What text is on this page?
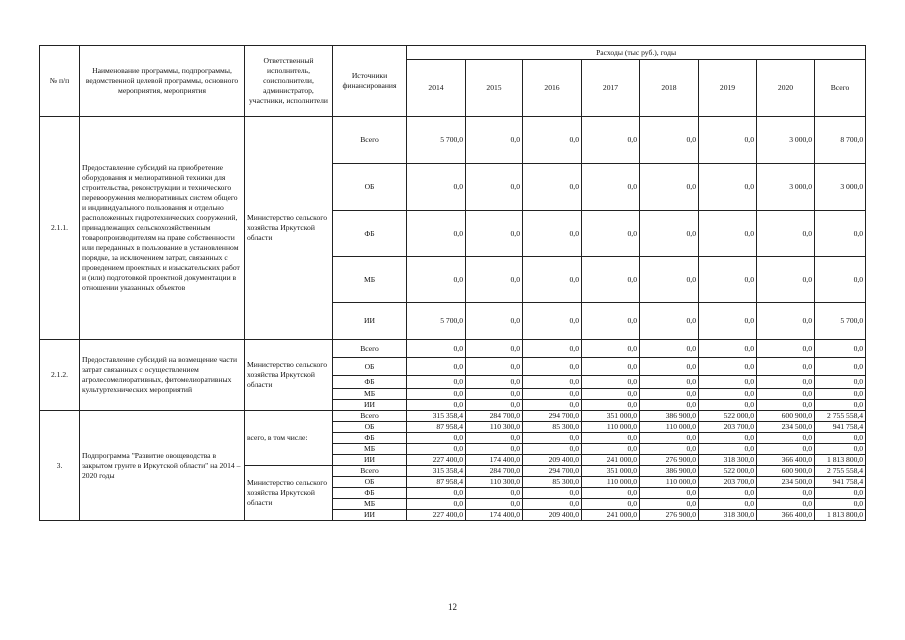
№ п/п	Наименование программы, подпрограммы, ведомственной целевой программы, основного мероприятия, мероприятия	Ответственный исполнитель, соисполнители, администратор, участники, исполнители	Источники финансирования	Расходы (тыс руб.), годы							
				2014	2015	2016	2017	2018	2019	2020	Всего
2.1.1.	Предоставление субсидий на приобретение оборудования и мелиоративной техники для строительства, реконструкции и технического перевооружения мелиоративных систем общего и индивидуального пользования и отдельно расположенных гидротехнических сооружений, принадлежащих сельскохозяйственным товаропроизводителям на праве собственности или переданных в пользование в установленном порядке, за исключением затрат, связанных с проведением проектных и изыскательских работ и (или) подготовкой проектной документации в отношении указанных объектов	Министерство сельского хозяйства Иркутской области	Всего	5 700,0	0,0	0,0	0,0	0,0	0,0	3 000,0	8 700,0
			ОБ	0,0	0,0	0,0	0,0	0,0	0,0	3 000,0	3 000,0
			ФБ	0,0	0,0	0,0	0,0	0,0	0,0	0,0	0,0
			МБ	0,0	0,0	0,0	0,0	0,0	0,0	0,0	0,0
			ИИ	5 700,0	0,0	0,0	0,0	0,0	0,0	0,0	5 700,0
2.1.2.	Предоставление субсидий на возмещение части затрат связанных с осуществлением агролесомелиоративных, фитомелиоративных культуртехнических мероприятий	Министерство сельского хозяйства Иркутской области	Всего	0,0	0,0	0,0	0,0	0,0	0,0	0,0	0,0
			ОБ	0,0	0,0	0,0	0,0	0,0	0,0	0,0	0,0
			ФБ	0,0	0,0	0,0	0,0	0,0	0,0	0,0	0,0
			МБ	0,0	0,0	0,0	0,0	0,0	0,0	0,0	0,0
			ИИ	0,0	0,0	0,0	0,0	0,0	0,0	0,0	0,0
3.	Подпрограмма "Развитие овощеводства в закрытом грунте в Иркутской области" на 2014 – 2020 годы	всего, в том числе:	Всего	315 358,4	284 700,0	294 700,0	351 000,0	386 900,0	522 000,0	600 900,0	2 755 558,4
			ОБ	87 958,4	110 300,0	85 300,0	110 000,0	110 000,0	203 700,0	234 500,0	941 758,4
			ФБ	0,0	0,0	0,0	0,0	0,0	0,0	0,0	0,0
			МБ	0,0	0,0	0,0	0,0	0,0	0,0	0,0	0,0
			ИИ	227 400,0	174 400,0	209 400,0	241 000,0	276 900,0	318 300,0	366 400,0	1 813 800,0
		Министерство сельского хозяйства Иркутской области	Всего	315 358,4	284 700,0	294 700,0	351 000,0	386 900,0	522 000,0	600 900,0	2 755 558,4
			ОБ	87 958,4	110 300,0	85 300,0	110 000,0	110 000,0	203 700,0	234 500,0	941 758,4
			ФБ	0,0	0,0	0,0	0,0	0,0	0,0	0,0	0,0
			МБ	0,0	0,0	0,0	0,0	0,0	0,0	0,0	0,0
			ИИ	227 400,0	174 400,0	209 400,0	241 000,0	276 900,0	318 300,0	366 400,0	1 813 800,0
12
